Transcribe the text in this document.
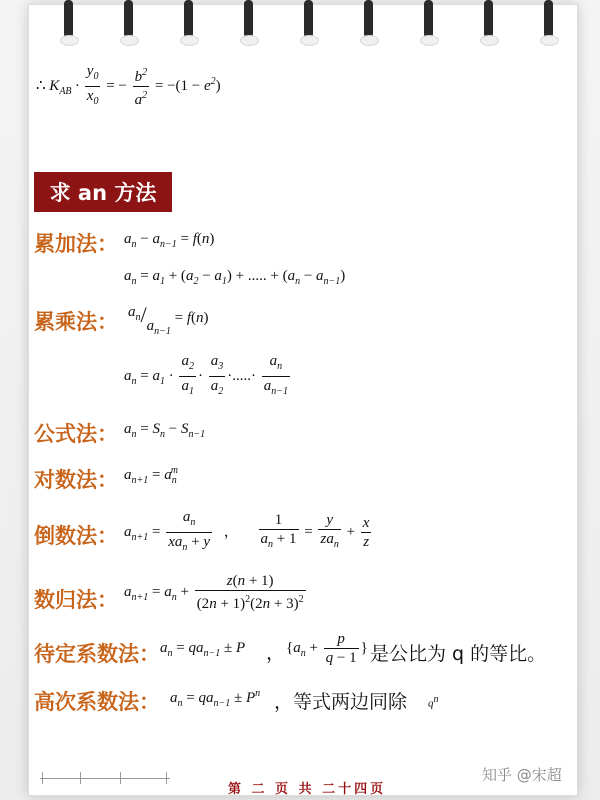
∴ $K_{AB} \cdot \frac{y_0}{x_0}$ = − $\frac{b^2}{a^2} = -(1 - e^2)$
求 an 方法
累加法： $a_n - a_{n-1} = f(n)$
$a_n = a_1 + (a_2 - a_1)$ + ..... + $(a_n - a_{n-1})$
累乘法： $a_n/a_{n-1} = f(n)$
$a_n = a_1 \cdot \frac{a_2}{a_1} \cdot \frac{a_3}{a_2}$ ·.....· $\frac{a_n}{a_{n-1}}$
公式法： $a_n = S_n - S_{n-1}$
对数法： $a_{n+1} = a_n^m$
倒数法： $a_{n+1} = \frac{a_n}{xa_n + y}$ ， $\frac{1}{a_n + 1} = \frac{y}{za_n} + \frac{x}{z}$
数归法： $a_{n+1} = a_n + \frac{z(n + 1)}{(2n + 1)^2(2n + 3)^2}$
待定系数法： $a_n = qa_{n-1} \pm P$ ， {$a_n + \frac{p}{q - 1}$ } 是公比为 q 的等比。
高次系数法： $a_n = qa_{n-1} \pm P^n$ ，等式两边同除 $q^n$
第 二 页 共 二十四页
知乎 @宋超
